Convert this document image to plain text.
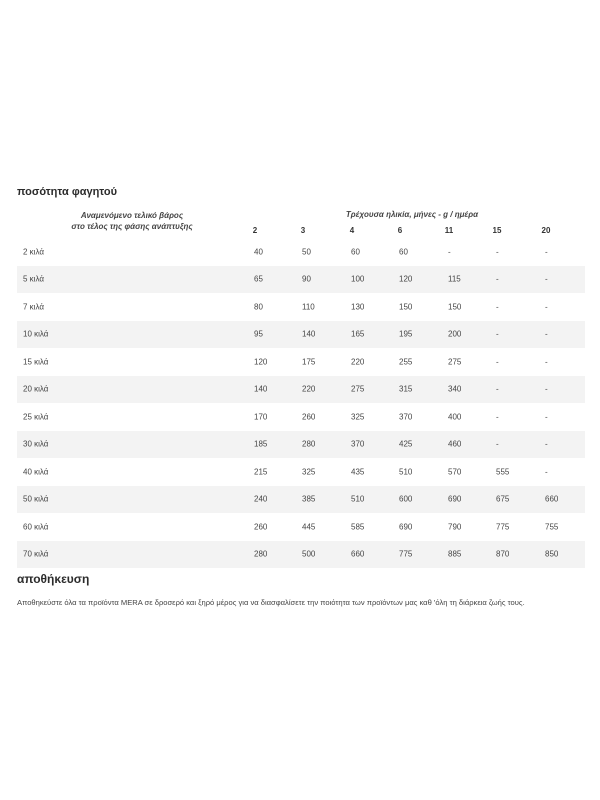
ποσότητα φαγητού
Αναμενόμενο τελικό βάρος
στο τέλος της φάσης ανάπτυξης
Τρέχουσα ηλικία, μήνες - g / ημέρα
2	3	4	6	11	15	20
2 κιλά	40	50	60	60	-	-	-
5 κιλά	65	90	100	120	115	-	-
7 κιλά	80	110	130	150	150	-	-
10 κιλά	95	140	165	195	200	-	-
15 κιλά	120	175	220	255	275	-	-
20 κιλά	140	220	275	315	340	-	-
25 κιλά	170	260	325	370	400	-	-
30 κιλά	185	280	370	425	460	-	-
40 κιλά	215	325	435	510	570	555	-
50 κιλά	240	385	510	600	690	675	660
60 κιλά	260	445	585	690	790	775	755
70 κιλά	280	500	660	775	885	870	850
αποθήκευση
Αποθηκεύστε όλα τα προϊόντα MERA σε δροσερό και ξηρό μέρος για να διασφαλίσετε την ποιότητα των προϊόντων μας καθ 'όλη τη διάρκεια ζωής τους.
